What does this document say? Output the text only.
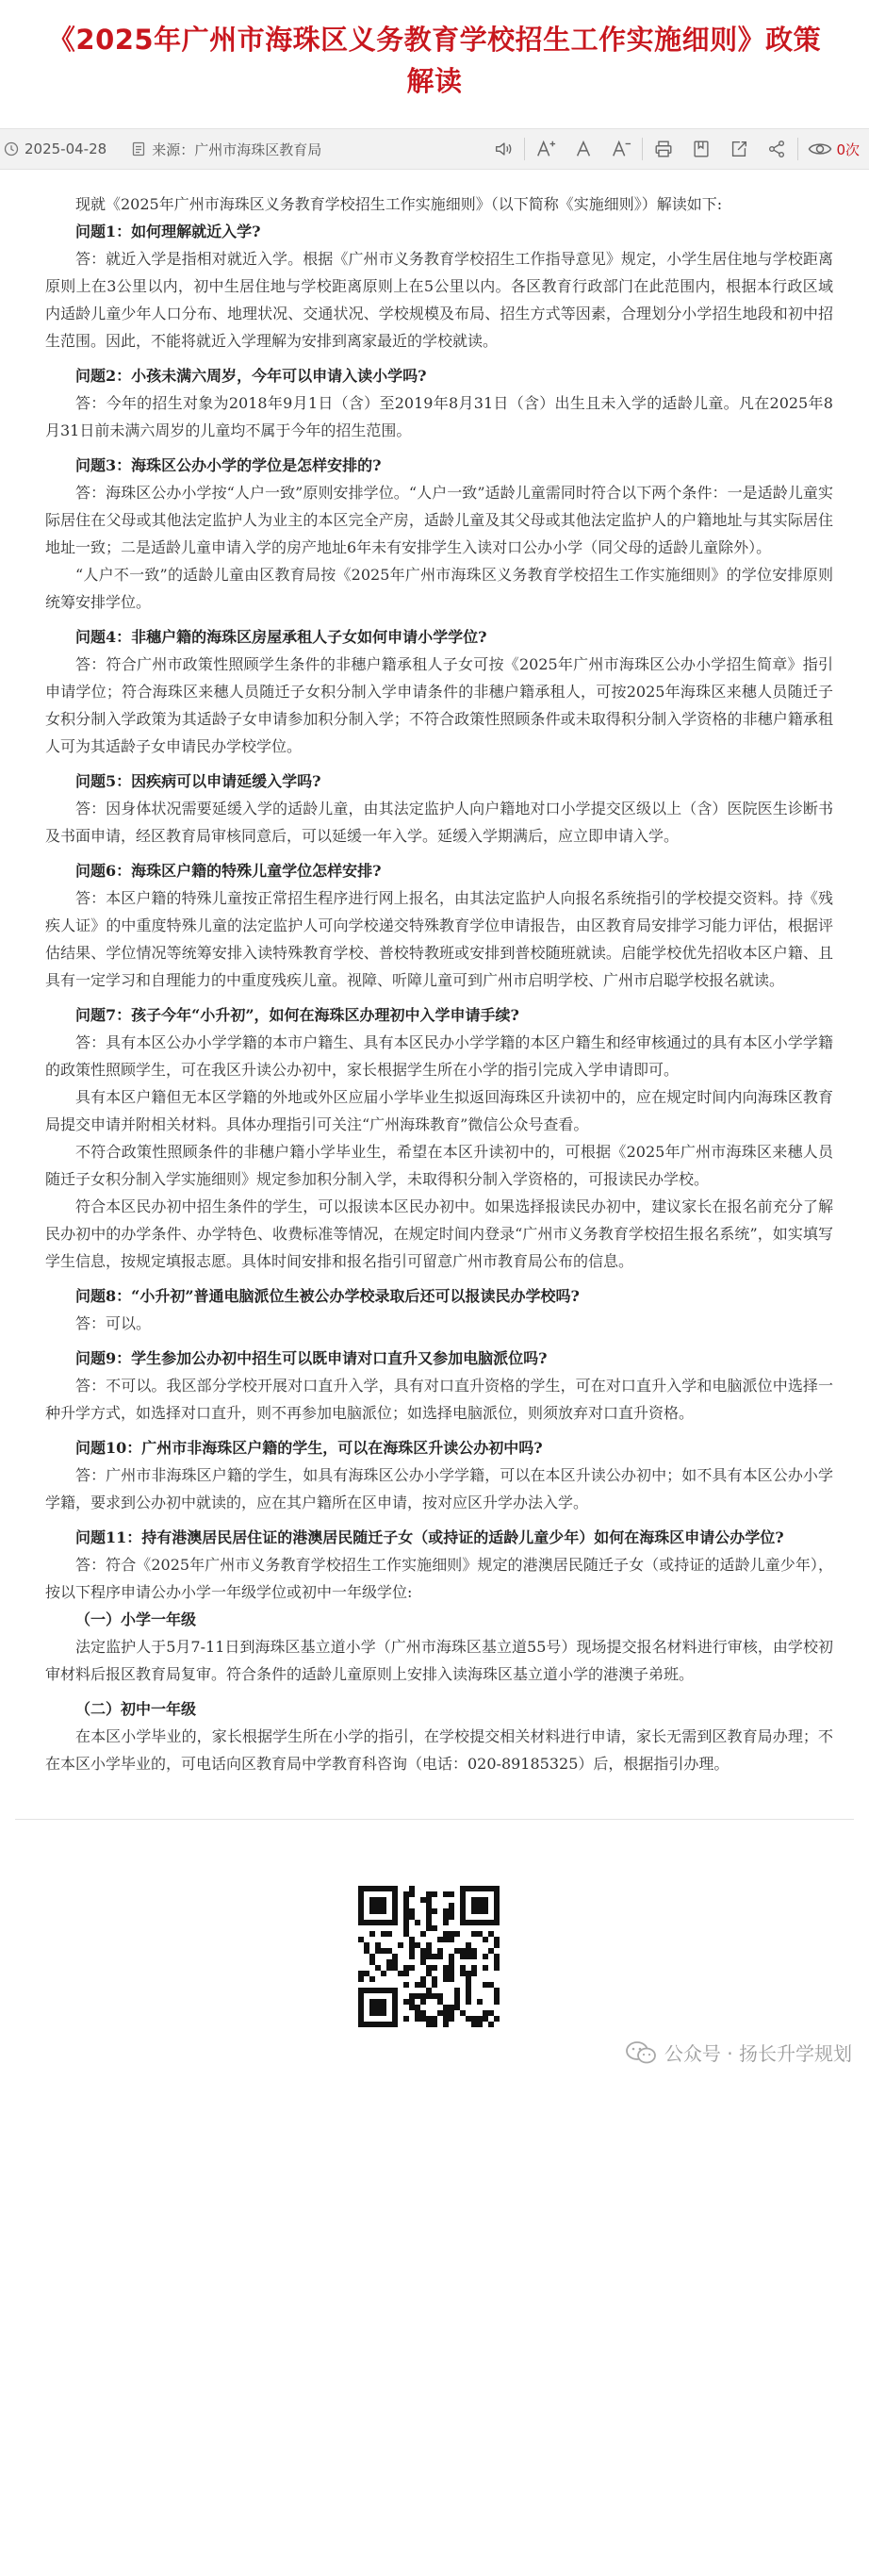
《2025年广州市海珠区义务教育学校招生工作实施细则》政策解读
2025-04-28	来源：广州市海珠区教育局	0次

现就《2025年广州市海珠区义务教育学校招生工作实施细则》（以下简称《实施细则》）解读如下:

问题1：如何理解就近入学?

答：就近入学是指相对就近入学。根据《广州市义务教育学校招生工作指导意见》规定，小学生居住地与学校距离原则上在3公里以内，初中生居住地与学校距离原则上在5公里以内。各区教育行政部门在此范围内，根据本行政区域内适龄儿童少年人口分布、地理状况、交通状况、学校规模及布局、招生方式等因素，合理划分小学招生地段和初中招生范围。因此，不能将就近入学理解为安排到离家最近的学校就读。

问题2：小孩未满六周岁，今年可以申请入读小学吗?

答：今年的招生对象为2018年9月1日（含）至2019年8月31日（含）出生且未入学的适龄儿童。凡在2025年8月31日前未满六周岁的儿童均不属于今年的招生范围。

问题3：海珠区公办小学的学位是怎样安排的?

答：海珠区公办小学按“人户一致”原则安排学位。“人户一致”适龄儿童需同时符合以下两个条件：一是适龄儿童实际居住在父母或其他法定监护人为业主的本区完全产房，适龄儿童及其父母或其他法定监护人的户籍地址与其实际居住地址一致；二是适龄儿童申请入学的房产地址6年未有安排学生入读对口公办小学（同父母的适龄儿童除外）。

“人户不一致”的适龄儿童由区教育局按《2025年广州市海珠区义务教育学校招生工作实施细则》的学位安排原则统筹安排学位。

问题4：非穗户籍的海珠区房屋承租人子女如何申请小学学位?

答：符合广州市政策性照顾学生条件的非穗户籍承租人子女可按《2025年广州市海珠区公办小学招生简章》指引申请学位；符合海珠区来穗人员随迁子女积分制入学申请条件的非穗户籍承租人，可按2025年海珠区来穗人员随迁子女积分制入学政策为其适龄子女申请参加积分制入学；不符合政策性照顾条件或未取得积分制入学资格的非穗户籍承租人可为其适龄子女申请民办学校学位。

问题5：因疾病可以申请延缓入学吗?

答：因身体状况需要延缓入学的适龄儿童，由其法定监护人向户籍地对口小学提交区级以上（含）医院医生诊断书及书面申请，经区教育局审核同意后，可以延缓一年入学。延缓入学期满后，应立即申请入学。

问题6：海珠区户籍的特殊儿童学位怎样安排?

答：本区户籍的特殊儿童按正常招生程序进行网上报名，由其法定监护人向报名系统指引的学校提交资料。持《残疾人证》的中重度特殊儿童的法定监护人可向学校递交特殊教育学位申请报告，由区教育局安排学习能力评估，根据评估结果、学位情况等统筹安排入读特殊教育学校、普校特教班或安排到普校随班就读。启能学校优先招收本区户籍、且具有一定学习和自理能力的中重度残疾儿童。视障、听障儿童可到广州市启明学校、广州市启聪学校报名就读。

问题7：孩子今年“小升初”，如何在海珠区办理初中入学申请手续?

答：具有本区公办小学学籍的本市户籍生、具有本区民办小学学籍的本区户籍生和经审核通过的具有本区小学学籍的政策性照顾学生，可在我区升读公办初中，家长根据学生所在小学的指引完成入学申请即可。

具有本区户籍但无本区学籍的外地或外区应届小学毕业生拟返回海珠区升读初中的，应在规定时间内向海珠区教育局提交申请并附相关材料。具体办理指引可关注“广州海珠教育”微信公众号查看。

不符合政策性照顾条件的非穗户籍小学毕业生，希望在本区升读初中的，可根据《2025年广州市海珠区来穗人员随迁子女积分制入学实施细则》规定参加积分制入学，未取得积分制入学资格的，可报读民办学校。

符合本区民办初中招生条件的学生，可以报读本区民办初中。如果选择报读民办初中，建议家长在报名前充分了解民办初中的办学条件、办学特色、收费标准等情况，在规定时间内登录“广州市义务教育学校招生报名系统”，如实填写学生信息，按规定填报志愿。具体时间安排和报名指引可留意广州市教育局公布的信息。

问题8：“小升初”普通电脑派位生被公办学校录取后还可以报读民办学校吗?

答：可以。

问题9：学生参加公办初中招生可以既申请对口直升又参加电脑派位吗?

答：不可以。我区部分学校开展对口直升入学，具有对口直升资格的学生，可在对口直升入学和电脑派位中选择一种升学方式，如选择对口直升，则不再参加电脑派位；如选择电脑派位，则须放弃对口直升资格。

问题10：广州市非海珠区户籍的学生，可以在海珠区升读公办初中吗?

答：广州市非海珠区户籍的学生，如具有海珠区公办小学学籍，可以在本区升读公办初中；如不具有本区公办小学学籍，要求到公办初中就读的，应在其户籍所在区申请，按对应区升学办法入学。

问题11：持有港澳居民居住证的港澳居民随迁子女（或持证的适龄儿童少年）如何在海珠区申请公办学位?

答：符合《2025年广州市义务教育学校招生工作实施细则》规定的港澳居民随迁子女（或持证的适龄儿童少年），按以下程序申请公办小学一年级学位或初中一年级学位:

（一）小学一年级

法定监护人于5月7-11日到海珠区基立道小学（广州市海珠区基立道55号）现场提交报名材料进行审核，由学校初审材料后报区教育局复审。符合条件的适龄儿童原则上安排入读海珠区基立道小学的港澳子弟班。

（二）初中一年级

在本区小学毕业的，家长根据学生所在小学的指引，在学校提交相关材料进行申请，家长无需到区教育局办理；不在本区小学毕业的，可电话向区教育局中学教育科咨询（电话：020-89185325）后，根据指引办理。

公众号 · 扬长升学规划
